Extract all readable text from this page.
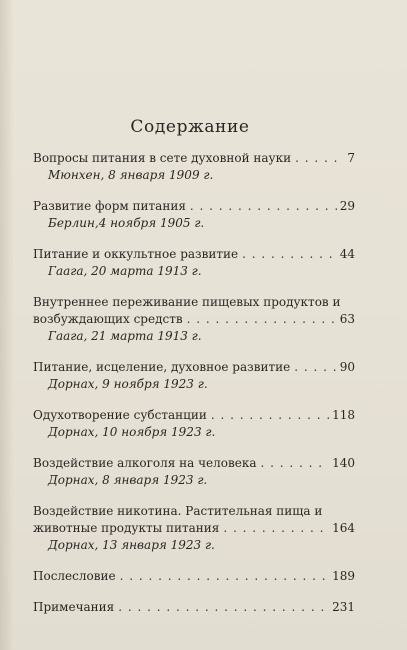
Содержание
Вопросы питания в сете духовной науки . . .	7
Мюнхен, 8 января 1909 г.
Развитие форм питания . . .	29
Берлин,4 ноября 1905 г.
Питание и оккультное развитие . . .	44
Гаага, 20 марта 1913 г.
Внутреннее переживание пищевых продуктов и
возбуждающих средств . . .	63
Гаага, 21 марта 1913 г.
Питание, исцеление, духовное развитие . . .	90
Дорнах, 9 ноября 1923 г.
Одухотворение субстанции . . .	118
Дорнах, 10 ноября 1923 г.
Воздействие алкоголя на человека . . .	140
Дорнах, 8 января 1923 г.
Воздействие никотина. Растительная пища и
животные продукты питания . . .	164
Дорнах, 13 января 1923 г.
Послесловие . . .	189
Примечания . . .	231
